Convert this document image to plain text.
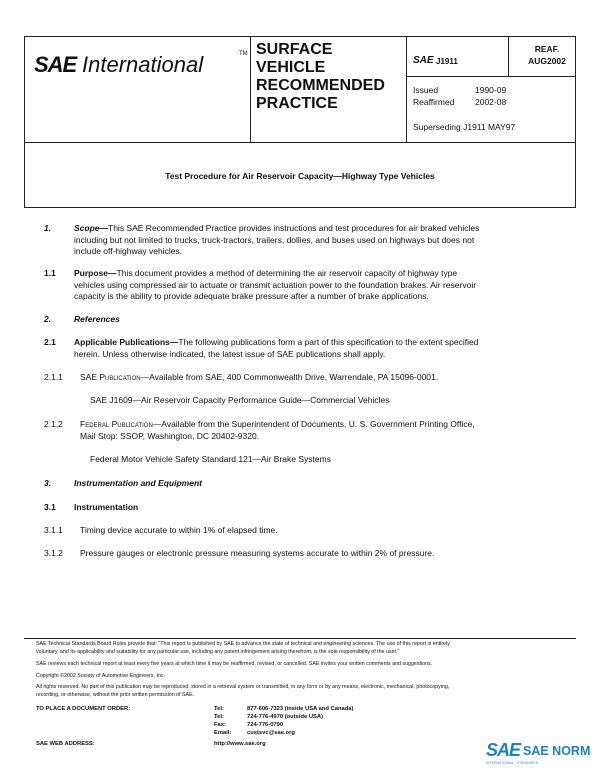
SAE International	TM SURFACE
VEHICLE
RECOMMENDED
PRACTICE
SAE J1911
REAF.
AUG2002
Issued	1990-09
Reaffirmed 2002-08
Superseding J1911 MAY97
Test Procedure for Air Reservoir Capacity—Highway Type Vehicles
1.	Scope—This SAE Recommended Practice provides instructions and test procedures for air braked vehicles
including but not limited to trucks, truck-tractors, trailers, dollies, and buses used on highways but does not
include off-highway vehicles.
1.1 Purpose—This document provides a method of determining the air reservoir capacity of highway type
vehicles using compressed air to actuate or transmit actuation power to the foundation brakes. Air reservoir
capacity is the ability to provide adequate brake pressure after a number of brake applications.
2.	References
2.1 Applicable Publications—The following publications form a part of this specification to the extent specified
herein. Unless otherwise indicated, the latest issue of SAE publications shall apply.
2.1.1 SAE Publication—Available from SAE, 400 Commonwealth Drive, Warrendale, PA 15096-0001.
SAE J1609—Air Reservoir Capacity Performance Guide—Commercial Vehicles
2.1.2 Federal Publication—Available from the Superintendent of Documents, U. S. Government Printing Office,
Mail Stop: SSOP, Washington, DC 20402-9320.
Federal Motor Vehicle Safety Standard 121—Air Brake Systems
3.	Instrumentation and Equipment
3.1 Instrumentation
3.1.1 Timing device accurate to within 1% of elapsed time.
3.1.2 Pressure gauges or electronic pressure measuring systems accurate to within 2% of pressure.
SAE Technical Standards Board Rules provide that: "This report is published by SAE to advance the state of technical and engineering sciences. The use of this report is entirely
voluntary, and its applicability and suitability for any particular use, including any patent infringement arising therefrom, is the sole responsibility of the user."
SAE reviews each technical report at least every five years at which time it may be reaffirmed, revised, or cancelled. SAE invites your written comments and suggestions.
Copyright ©2002 Society of Automotive Engineers, Inc.
All rights reserved. No part of this publication may be reproduced, stored in a retrieval system or transmitted, in any form or by any means, electronic, mechanical, photocopying,
recording, or otherwise, without the prior written permission of SAE.
TO PLACE A DOCUMENT ORDER:	Tel:	877-606-7323 (inside USA and Canada)
Tel:	724-776-4970 (outside USA)
Fax:	724-776-0790
Email:	custsvc@sae.org
SAE WEB ADDRESS:	http://www.sae.org	SAE SAE NORM
INTERNATIONAL · STANDARDS
